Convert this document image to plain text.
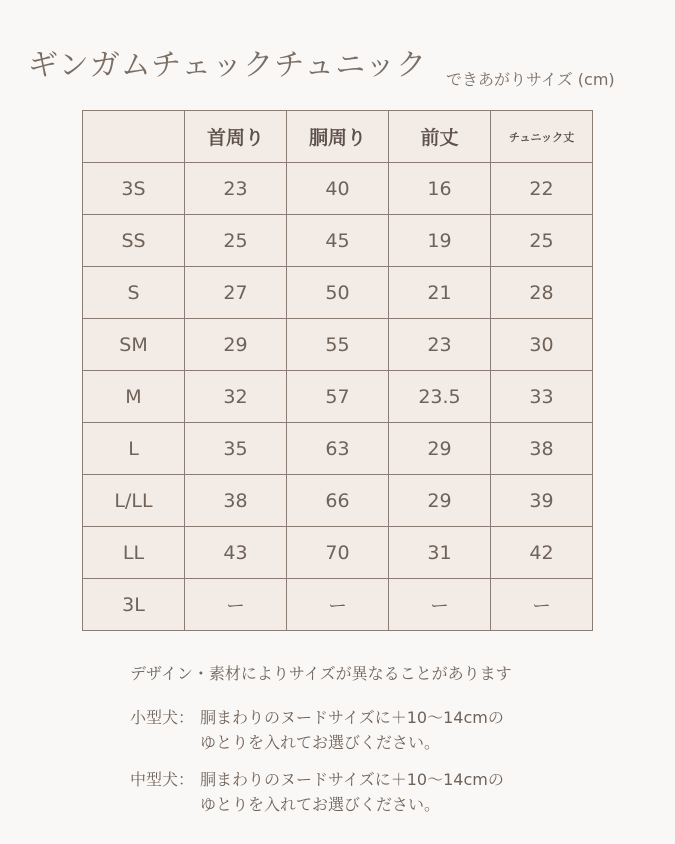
ギンガムチェックチュニック できあがりサイズ (cm)
	首周り	胴周り	前丈	チュニック丈
3S	23	40	16	22
SS	25	45	19	25
S	27	50	21	28
SM	29	55	23	30
M	32	57	23.5	33
L	35	63	29	38
L/LL	38	66	29	39
LL	43	70	31	42
3L	ー	ー	ー	ー
デザイン・素材によりサイズが異なることがあります
小型犬： 胴まわりのヌードサイズに＋10〜14cmの
ゆとりを入れてお選びください。
中型犬： 胴まわりのヌードサイズに＋10〜14cmの
ゆとりを入れてお選びください。
